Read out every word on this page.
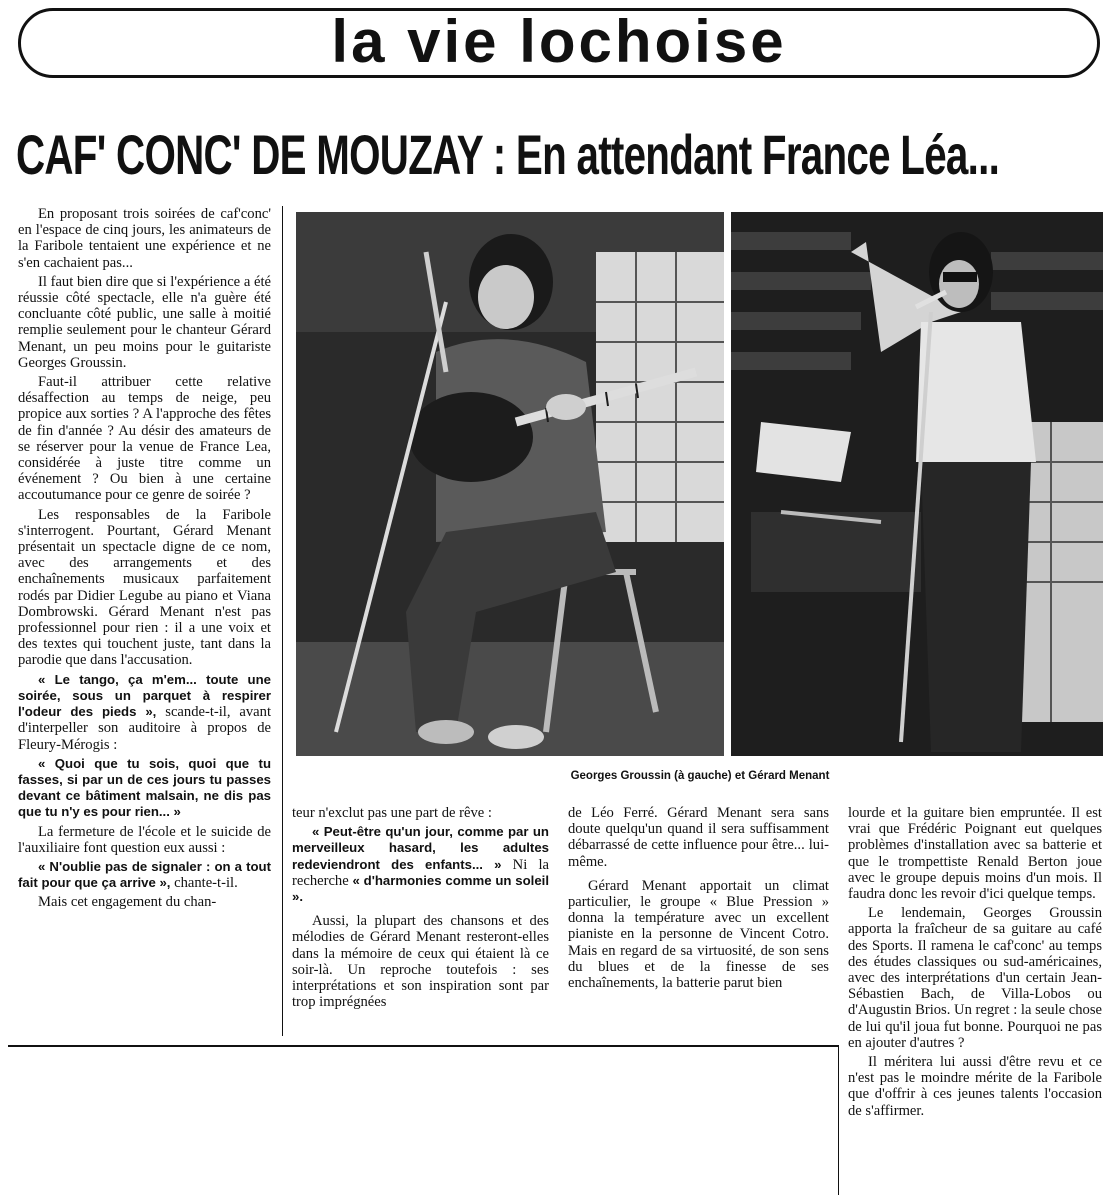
la vie lochoise
CAF' CONC' DE MOUZAY : En attendant France Léa...

En proposant trois soirées de caf'conc' en l'espace de cinq jours, les animateurs de la Faribole tentaient une expérience et ne s'en cachaient pas...

Il faut bien dire que si l'expérience a été réussie côté spectacle, elle n'a guère été concluante côté public, une salle à moitié remplie seulement pour le chanteur Gérard Menant, un peu moins pour le guitariste Georges Groussin.

Faut-il attribuer cette relative désaffection au temps de neige, peu propice aux sorties ? A l'approche des fêtes de fin d'année ? Au désir des amateurs de se réserver pour la venue de France Lea, considérée à juste titre comme un événement ? Ou bien à une certaine accoutumance pour ce genre de soirée ?

Les responsables de la Faribole s'interrogent. Pourtant, Gérard Menant présentait un spectacle digne de ce nom, avec des arrangements et des enchaînements musicaux parfaitement rodés par Didier Legube au piano et Viana Dombrowski. Gérard Menant n'est pas professionnel pour rien : il a une voix et des textes qui touchent juste, tant dans la parodie que dans l'accusation.

« Le tango, ça m'em... toute une soirée, sous un parquet à respirer l'odeur des pieds », scande-t-il, avant d'interpeller son auditoire à propos de Fleury-Mérogis :

« Quoi que tu sois, quoi que tu fasses, si par un de ces jours tu passes devant ce bâtiment malsain, ne dis pas que tu n'y es pour rien... »

La fermeture de l'école et le suicide de l'auxiliaire font question eux aussi :

« N'oublie pas de signaler : on a tout fait pour que ça arrive », chante-t-il.

Mais cet engagement du chan-

Georges Groussin (à gauche) et Gérard Menant

teur n'exclut pas une part de rêve :

« Peut-être qu'un jour, comme par un merveilleux hasard, les adultes redeviendront des enfants... » Ni la recherche « d'harmonies comme un soleil ».

Aussi, la plupart des chansons et des mélodies de Gérard Menant resteront-elles dans la mémoire de ceux qui étaient là ce soir-là. Un reproche toutefois : ses interprétations et son inspiration sont par trop imprégnées

de Léo Ferré. Gérard Menant sera sans doute quelqu'un quand il sera suffisamment débarrassé de cette influence pour être... lui-même.

Gérard Menant apportait un climat particulier, le groupe « Blue Pression » donna la température avec un excellent pianiste en la personne de Vincent Cotro. Mais en regard de sa virtuosité, de son sens du blues et de la finesse de ses enchaînements, la batterie parut bien

lourde et la guitare bien empruntée. Il est vrai que Frédéric Poignant eut quelques problèmes d'installation avec sa batterie et que le trompettiste Renald Berton joue avec le groupe depuis moins d'un mois. Il faudra donc les revoir d'ici quelque temps.

Le lendemain, Georges Groussin apporta la fraîcheur de sa guitare au café des Sports. Il ramena le caf'conc' au temps des études classiques ou sud-américaines, avec des interprétations d'un certain Jean-Sébastien Bach, de Villa-Lobos ou d'Augustin Brios. Un regret : la seule chose de lui qu'il joua fut bonne. Pourquoi ne pas en ajouter d'autres ?

Il méritera lui aussi d'être revu et ce n'est pas le moindre mérite de la Faribole que d'offrir à ces jeunes talents l'occasion de s'affirmer.
